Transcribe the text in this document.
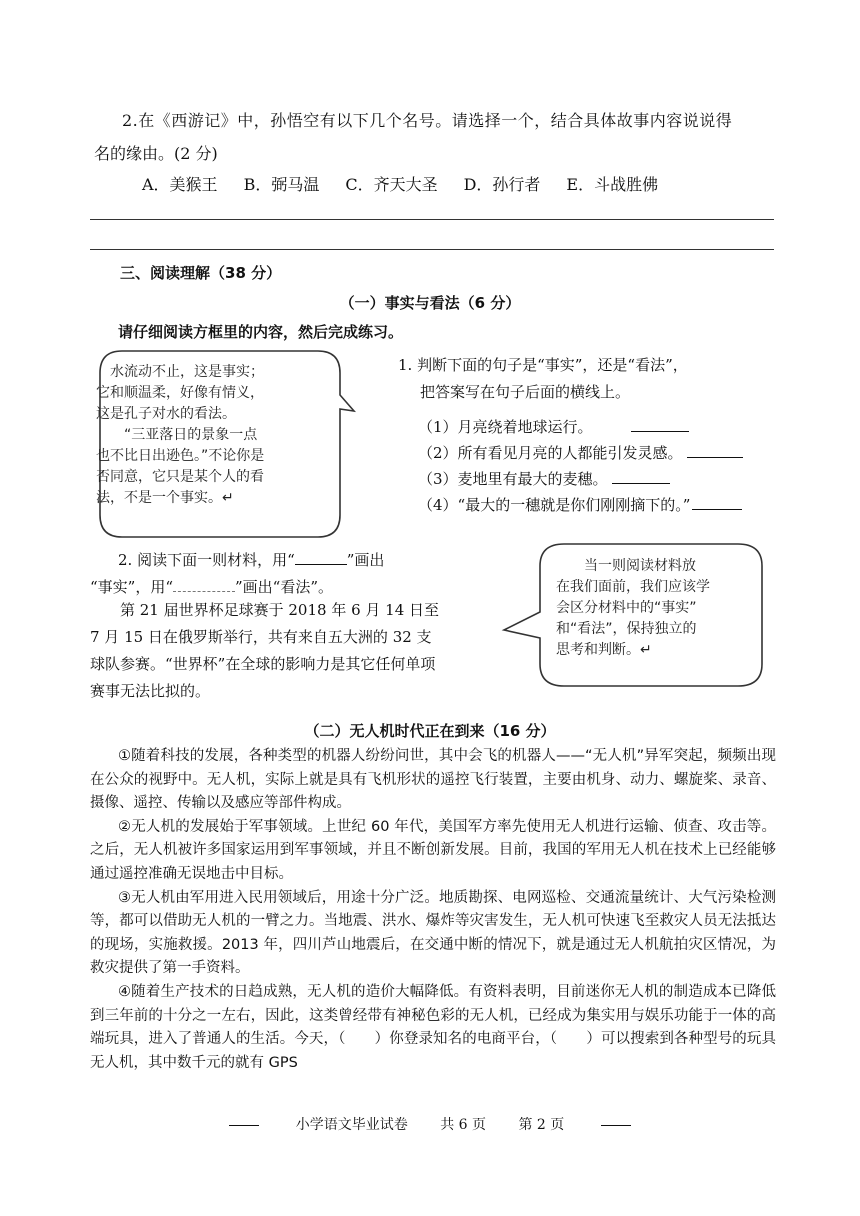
2.在《西游记》中，孙悟空有以下几个名号。请选择一个，结合具体故事内容说说得
名的缘由。(2 分)
A．美猴王 B．弼马温 C．齐天大圣 D．孙行者 E．斗战胜佛
三、阅读理解（38 分）
（一）事实与看法（6 分）
请仔细阅读方框里的内容，然后完成练习。

　水流动不止，这是事实；

它和顺温柔，好像有情义，

这是孔子对水的看法。

　　“三亚落日的景象一点

也不比日出逊色。”不论你是

否同意，它只是某个人的看

法，不是一个事实。↵

1. 判断下面的句子是“事实”，还是“看法”，
把答案写在句子后面的横线上。
（1）月亮绕着地球运行。
（2）所有看见月亮的人都能引发灵感。
（3）麦地里有最大的麦穗。
（4）“最大的一穗就是你们刚刚摘下的。”
2. 阅读下面一则材料，用“	”画出
“事实”，用“	”画出“看法”。
　　第 21 届世界杯足球赛于 2018 年 6 月 14 日至 7 月 15 日在俄罗斯举行，共有来自五大洲的 32 支球队参赛。“世界杯”在全球的影响力是其它任何单项赛事无法比拟的。

　　当一则阅读材料放

在我们面前，我们应该学

会区分材料中的“事实”

和“看法”，保持独立的

思考和判断。↵

（二）无人机时代正在到来（16 分）

①随着科技的发展，各种类型的机器人纷纷问世，其中会飞的机器人——“无人机”异军突起，频频出现在公众的视野中。无人机，实际上就是具有飞机形状的遥控飞行装置，主要由机身、动力、螺旋桨、录音、摄像、遥控、传输以及感应等部件构成。

②无人机的发展始于军事领域。上世纪 60 年代，美国军方率先使用无人机进行运输、侦查、攻击等。之后，无人机被许多国家运用到军事领域，并且不断创新发展。目前，我国的军用无人机在技术上已经能够通过遥控准确无误地击中目标。

③无人机由军用进入民用领域后，用途十分广泛。地质勘探、电网巡检、交通流量统计、大气污染检测等，都可以借助无人机的一臂之力。当地震、洪水、爆炸等灾害发生，无人机可快速飞至救灾人员无法抵达的现场，实施救援。2013 年，四川芦山地震后，在交通中断的情况下，就是通过无人机航拍灾区情况，为救灾提供了第一手资料。

④随着生产技术的日趋成熟，无人机的造价大幅降低。有资料表明，目前迷你无人机的制造成本已降低到三年前的十分之一左右，因此，这类曾经带有神秘色彩的无人机，已经成为集实用与娱乐功能于一体的高端玩具，进入了普通人的生活。今天，（　　）你登录知名的电商平台，（　　）可以搜索到各种型号的玩具无人机，其中数千元的就有 GPS

小学语文毕业试卷 共 6 页 第 2 页
